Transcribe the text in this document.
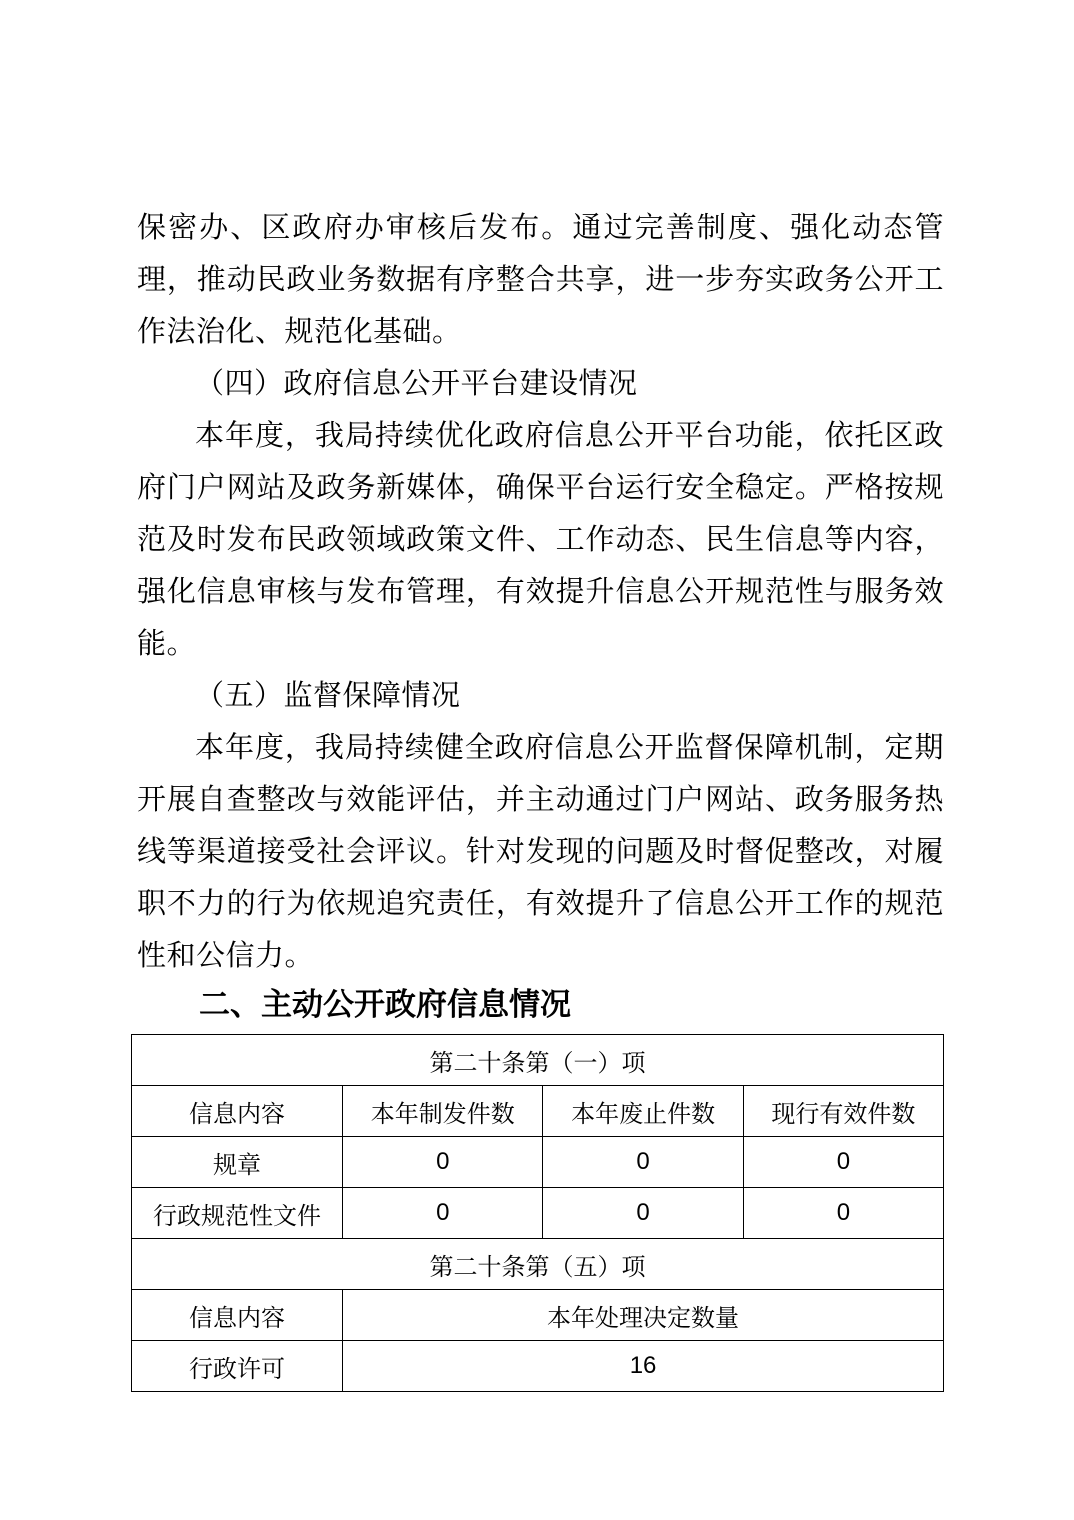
保密办、区政府办审核后发布。通过完善制度、强化动态管理，推动民政业务数据有序整合共享，进一步夯实政务公开工作法治化、规范化基础。

（四）政府信息公开平台建设情况

本年度，我局持续优化政府信息公开平台功能，依托区政府门户网站及政务新媒体，确保平台运行安全稳定。严格按规范及时发布民政领域政策文件、工作动态、民生信息等内容，强化信息审核与发布管理，有效提升信息公开规范性与服务效能。

（五）监督保障情况

本年度，我局持续健全政府信息公开监督保障机制，定期开展自查整改与效能评估，并主动通过门户网站、政务服务热线等渠道接受社会评议。针对发现的问题及时督促整改，对履职不力的行为依规追究责任，有效提升了信息公开工作的规范性和公信力。

二、主动公开政府信息情况
第二十条第（一）项			
信息内容	本年制发件数	本年废止件数	现行有效件数
规章	0	0	0
行政规范性文件	0	0	0
第二十条第（五）项			
信息内容	本年处理决定数量		
行政许可	16		
